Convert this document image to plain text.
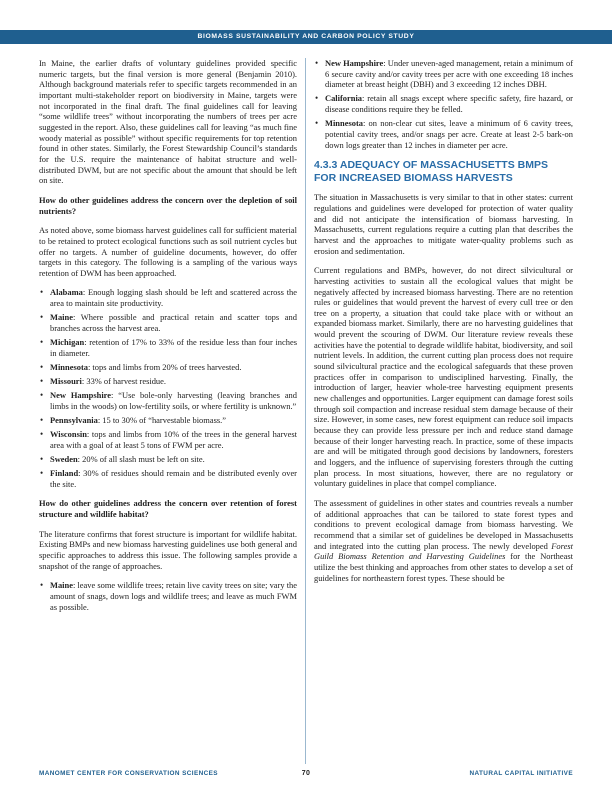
BIOMASS SUSTAINABILITY AND CARBON POLICY STUDY

In Maine, the earlier drafts of voluntary guidelines provided specific numeric targets, but the final version is more general (Benjamin 2010). Although background materials refer to specific targets recommended in an important multi-stakeholder report on biodiversity in Maine, targets were not incorporated in the final draft. The final guidelines call for leaving “some wildlife trees” without incorporating the numbers of trees per acre suggested in the report. Also, these guidelines call for leaving “as much fine woody material as possible” without specific requirements for top retention found in other states. Similarly, the Forest Stewardship Council’s standards for the U.S. require the maintenance of habitat structure and well-distributed DWM, but are not specific about the amount that should be left on site.

How do other guidelines address the concern over the depletion of soil nutrients?

As noted above, some biomass harvest guidelines call for sufficient material to be retained to protect ecological functions such as soil nutrient cycles but offer no targets. A number of guideline documents, however, do offer targets in this category. The following is a sampling of the various ways retention of DWM has been approached.

• Alabama: Enough logging slash should be left and scattered across the area to maintain site productivity.
• Maine: Where possible and practical retain and scatter tops and branches across the harvest area.
• Michigan: retention of 17% to 33% of the residue less than four inches in diameter.
• Minnesota: tops and limbs from 20% of trees harvested.
• Missouri: 33% of harvest residue.
• New Hampshire: “Use bole-only harvesting (leaving branches and limbs in the woods) on low-fertility soils, or where fertility is unknown.”
• Pennsylvania: 15 to 30% of “harvestable biomass.”
• Wisconsin: tops and limbs from 10% of the trees in the general harvest area with a goal of at least 5 tons of FWM per acre.
• Sweden: 20% of all slash must be left on site.
• Finland: 30% of residues should remain and be distributed evenly over the site.
How do other guidelines address the concern over retention of forest structure and wildlife habitat?

The literature confirms that forest structure is important for wildlife habitat. Existing BMPs and new biomass harvesting guidelines use both general and specific approaches to address this issue. The following samples provide a snapshot of the range of approaches.

• Maine: leave some wildlife trees; retain live cavity trees on site; vary the amount of snags, down logs and wildlife trees; and leave as much FWM as possible.
• New Hampshire: Under uneven-aged management, retain a minimum of 6 secure cavity and/or cavity trees per acre with one exceeding 18 inches diameter at breast height (DBH) and 3 exceeding 12 inches DBH.
• California: retain all snags except where specific safety, fire hazard, or disease conditions require they be felled.
• Minnesota: on non-clear cut sites, leave a minimum of 6 cavity trees, potential cavity trees, and/or snags per acre. Create at least 2-5 bark-on down logs greater than 12 inches in diameter per acre.
4.3.3 ADEQUACY OF MASSACHUSETTS BMPS FOR INCREASED BIOMASS HARVESTS

The situation in Massachusetts is very similar to that in other states: current regulations and guidelines were developed for protection of water quality and did not anticipate the intensification of biomass harvesting. In Massachusetts, current regulations require a cutting plan that describes the harvest and the approaches to mitigate water-quality problems such as erosion and sedimentation.

Current regulations and BMPs, however, do not direct silvicultural or harvesting activities to sustain all the ecological values that might be negatively affected by increased biomass harvesting. There are no retention rules or guidelines that would prevent the harvest of every cull tree or den tree on a property, a situation that could take place with or without an expanded biomass market. Similarly, there are no harvesting guidelines that would prevent the scouring of DWM. Our literature review reveals these activities have the potential to degrade wildlife habitat, biodiversity, and soil nutrient levels. In addition, the current cutting plan process does not require sound silvicultural practice and the ecological safeguards that these proven practices offer in comparison to undisciplined harvesting. Finally, the introduction of larger, heavier whole-tree harvesting equipment presents new challenges and opportunities. Larger equipment can damage forest soils through soil compaction and increase residual stem damage because of their size. However, in some cases, new forest equipment can reduce soil impacts because they can provide less pressure per inch and reduce stand damage because of their longer harvesting reach. In practice, some of these impacts are and will be mitigated through good decisions by landowners, foresters and loggers, and the influence of supervising foresters through the cutting plan process. In most situations, however, there are no regulatory or voluntary guidelines in place that compel compliance.

The assessment of guidelines in other states and countries reveals a number of additional approaches that can be tailored to state forest types and conditions to prevent ecological damage from biomass harvesting. We recommend that a similar set of guidelines be developed in Massachusetts and integrated into the cutting plan process. The newly developed Forest Guild Biomass Retention and Harvesting Guidelines for the Northeast utilize the best thinking and approaches from other states to develop a set of guidelines for northeastern forest types. These should be

MANOMET CENTER FOR CONSERVATION SCIENCES	70	NATURAL CAPITAL INITIATIVE
